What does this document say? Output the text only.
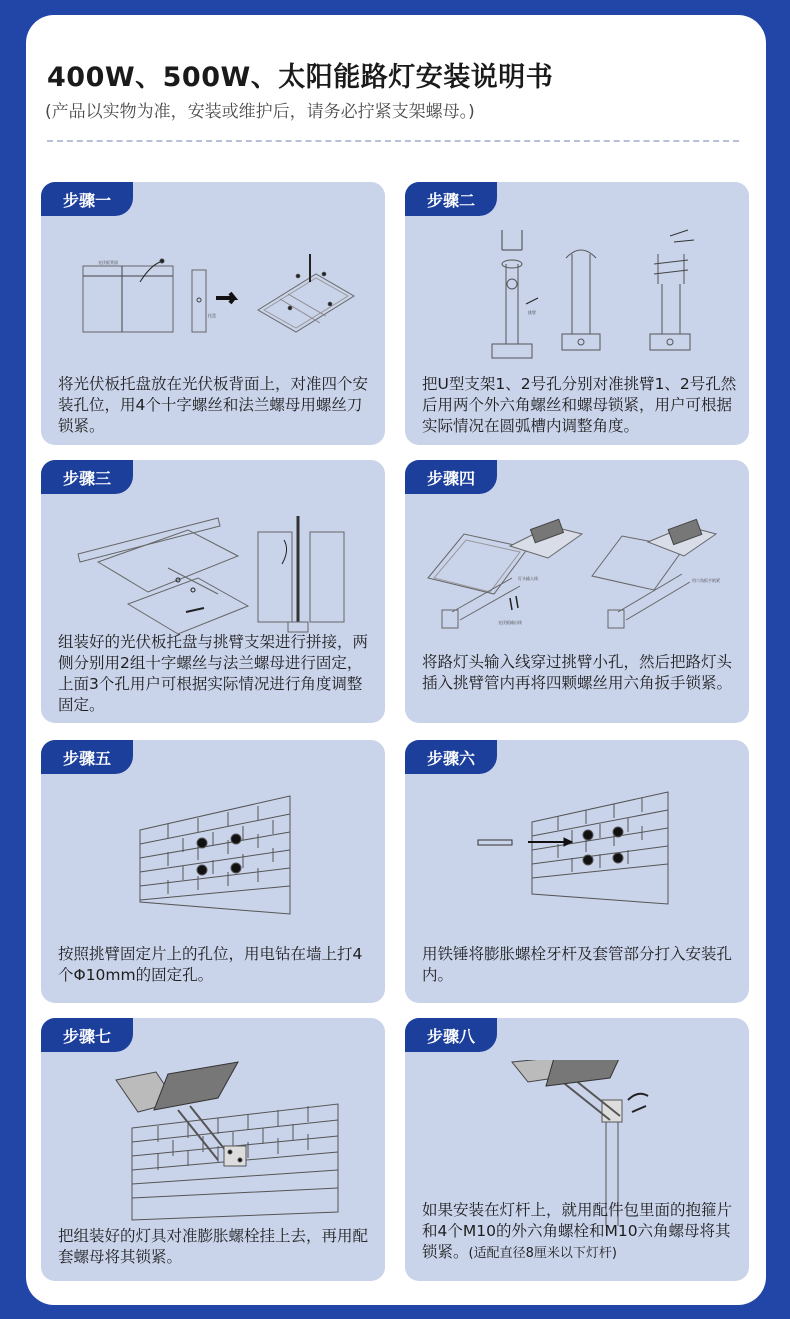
400W、500W、太阳能路灯安装说明书
(产品以实物为准，安装或维护后，请务必拧紧支架螺母。)
步骤一
光伏板背面
托盘
将光伏板托盘放在光伏板背面上，对准四个安装孔位，用4个十字螺丝和法兰螺母用螺丝刀锁紧。
步骤二
挑臂
把U型支架1、2号孔分别对准挑臂1、2号孔然后用两个外六角螺丝和螺母锁紧，用户可根据实际情况在圆弧槽内调整角度。
步骤三
组装好的光伏板托盘与挑臂支架进行拼接，两侧分别用2组十字螺丝与法兰螺母进行固定，上面3个孔用户可根据实际情况进行角度调整固定。
步骤四
灯头输入线
光伏板输出线
用六角扳手锁紧
将路灯头输入线穿过挑臂小孔，然后把路灯头插入挑臂管内再将四颗螺丝用六角扳手锁紧。
步骤五
按照挑臂固定片上的孔位，用电钻在墙上打4个Φ10mm的固定孔。
步骤六
用铁锤将膨胀螺栓牙杆及套管部分打入安装孔内。
步骤七
把组装好的灯具对准膨胀螺栓挂上去，再用配套螺母将其锁紧。
步骤八
如果安装在灯杆上，就用配件包里面的抱箍片和4个M10的外六角螺栓和M10六角螺母将其锁紧。(适配直径8厘米以下灯杆)
